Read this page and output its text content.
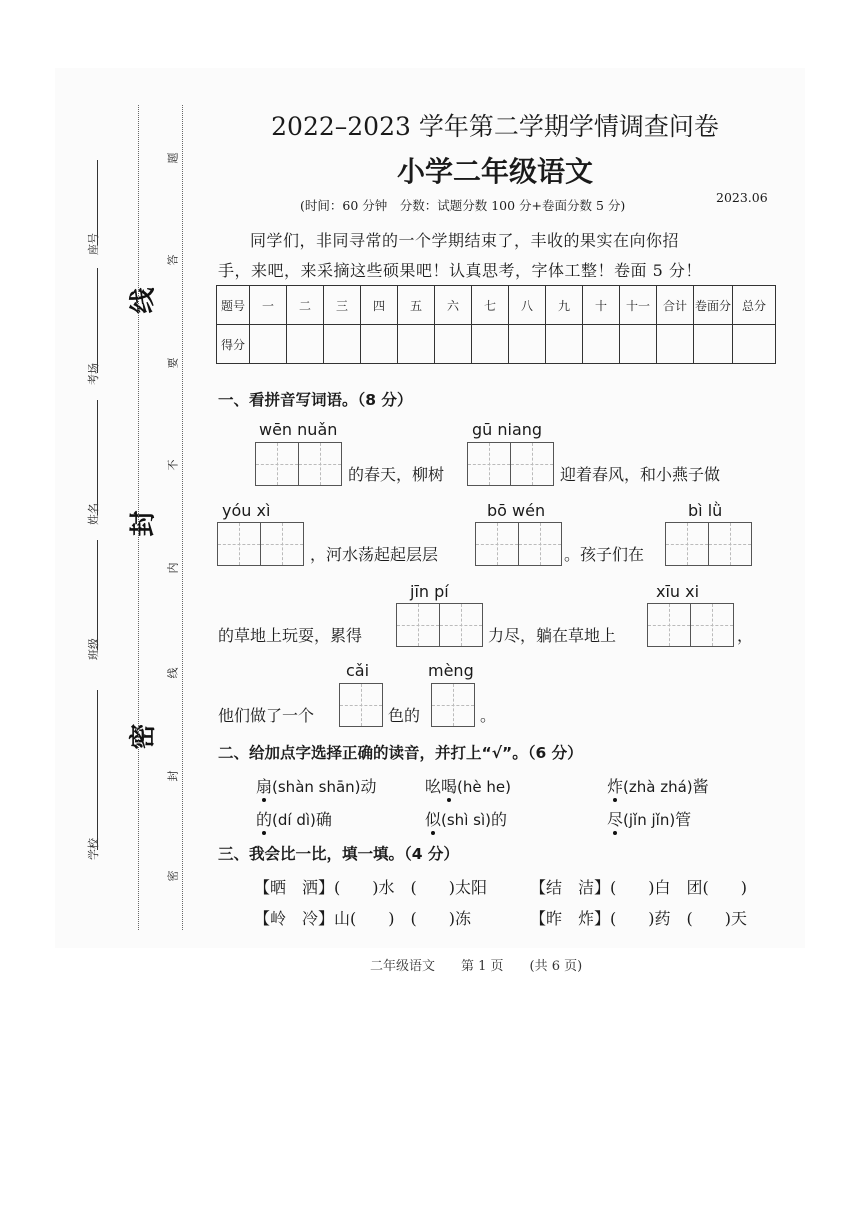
座号
考场
姓名
班级
学校
线
封
密
题
答
要
不
内
线
封
密
2022–2023 学年第二学期学情调查问卷
小学二年级语文
(时间：60 分钟　分数：试题分数 100 分+卷面分数 5 分)
2023.06
同学们，非同寻常的一个学期结束了，丰收的果实在向你招
手，来吧，来采摘这些硕果吧！认真思考，字体工整！卷面 5 分！
题号	一	二	三	四	五	六	七	八	九	十	十一	合计	卷面分	总分
得分														
一、看拼音写词语。（8 分）
wēn nuǎn
的春天，柳树
gū niang
迎着春风，和小燕子做
yóu xì
，河水荡起起层层
bō wén
。孩子们在
bì lǜ
jīn pí
的草地上玩耍，累得	力尽，躺在草地上
xīu xi
，
cǎi	mèng
他们做了一个	色的	。
二、给加点字选择正确的读音，并打上“√”。（6 分）
扇(shàn shān)动	吆喝(hè he)	炸(zhà zhá)酱
的(dí dì)确	似(shì sì)的	尽(jǐn jǐn)管
三、我会比一比，填一填。（4 分）
【晒　洒】(　　)水　(　　)太阳	【结　洁】(　　)白　团(　　)
【岭　冷】山(　　)　(　　)冻	【昨　炸】(　　)药　(　　)天
二年级语文　　第 1 页　　(共 6 页)
